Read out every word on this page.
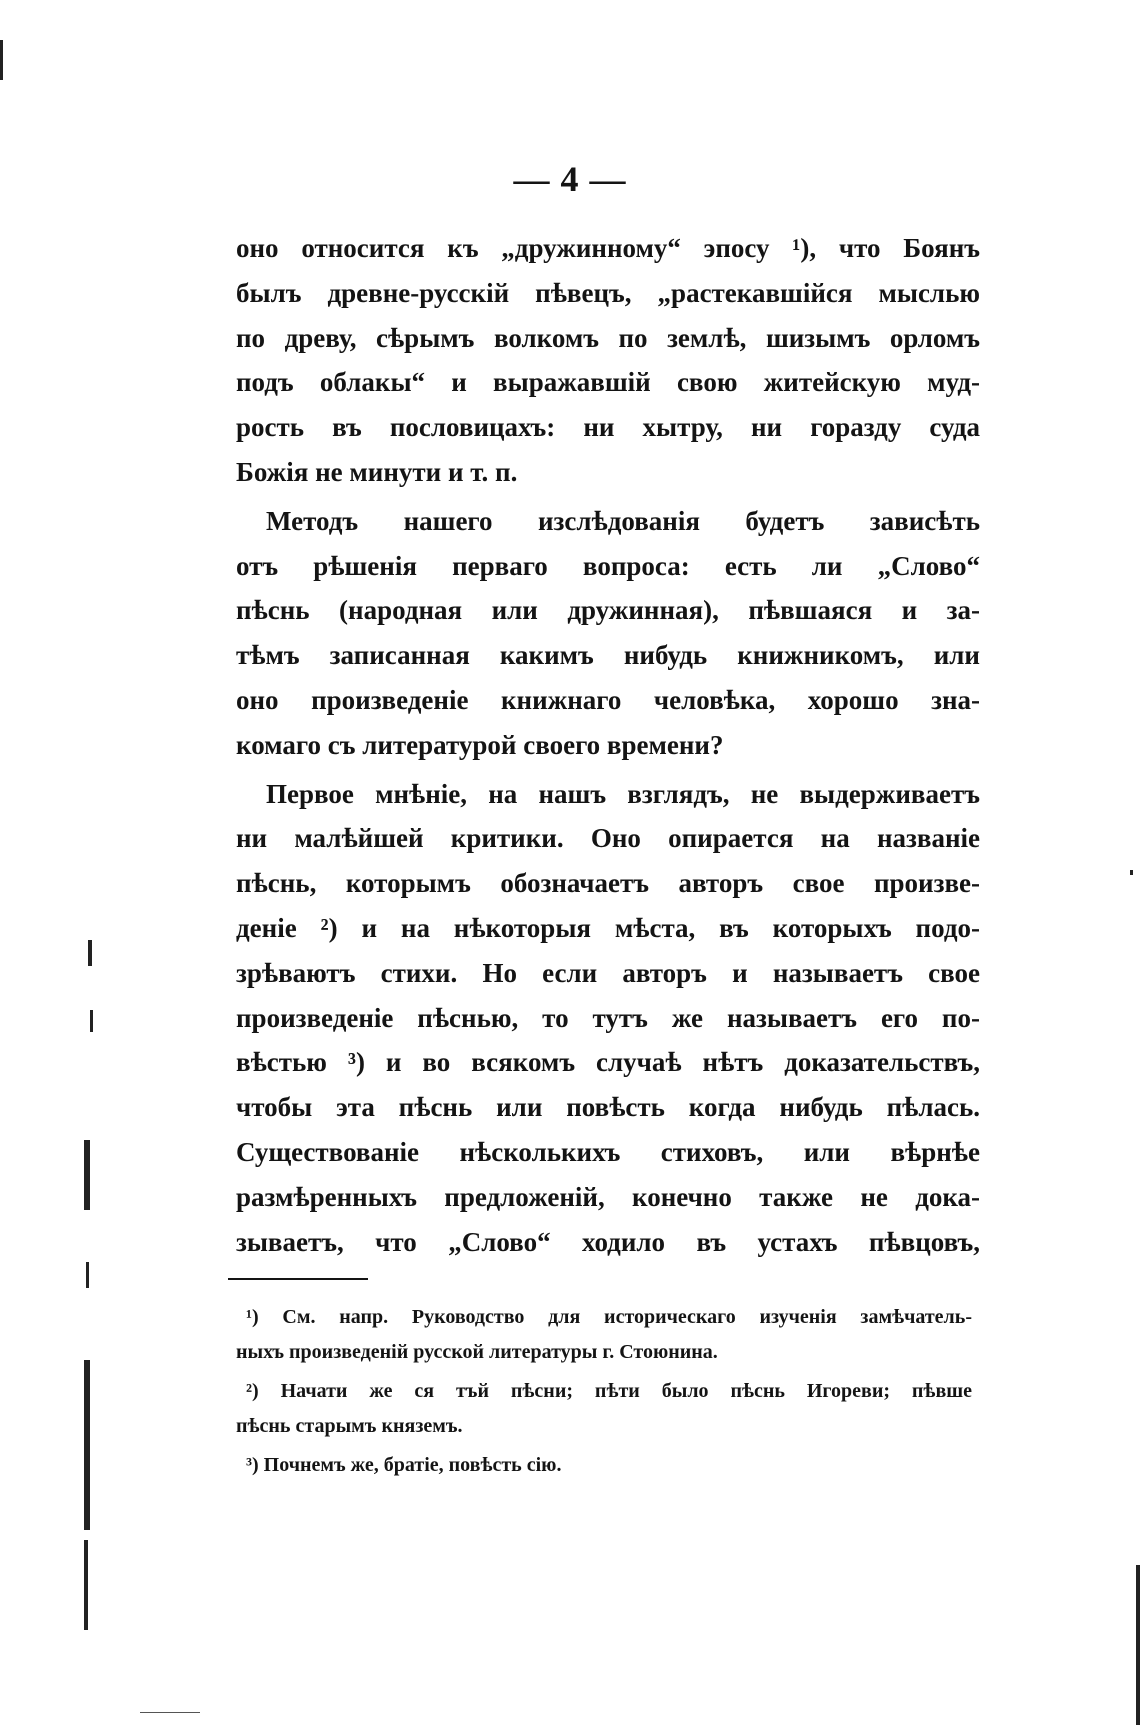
— 4 —

оно относится къ „дружинному“ эпосу ¹), что Боянъ
былъ древне-русскій пѣвецъ, „растекавшійся мыслью
по древу, сѣрымъ волкомъ по землѣ, шизымъ орломъ
подъ облакы“ и выражавшій свою житейскую муд-
рость въ пословицахъ: ни хытру, ни горазду суда
Божія не минути и т. п.

Методъ нашего изслѣдованія будетъ зависѣть
отъ рѣшенія перваго вопроса: есть ли „Слово“
пѣснь (народная или дружинная), пѣвшаяся и за-
тѣмъ записанная какимъ нибудь книжникомъ, или
оно произведеніе книжнаго человѣка, хорошо зна-
комаго съ литературой своего времени?

Первое мнѣніе, на нашъ взглядъ, не выдерживаетъ
ни малѣйшей критики. Оно опирается на названіе
пѣснь, которымъ обозначаетъ авторъ свое произве-
деніе ²) и на нѣкоторыя мѣста, въ которыхъ подо-
зрѣваютъ стихи. Но если авторъ и называетъ свое
произведеніе пѣснью, то тутъ же называетъ его по-
вѣстью ³) и во всякомъ случаѣ нѣтъ доказательствъ,
чтобы эта пѣснь или повѣсть когда нибудь пѣлась.
Существованіе нѣсколькихъ стиховъ, или вѣрнѣе
размѣренныхъ предложеній, конечно также не дока-
зываетъ, что „Слово“ ходило въ устахъ пѣвцовъ,

¹) См. напр. Руководство для историческаго изученія замѣчатель-
ныхъ произведеній русской литературы г. Стоюнина.

²) Начати же ся тъй пѣсни; пѣти было пѣснь Игореви; пѣвше
пѣснь старымъ княземъ.

³) Почнемъ же, братіе, повѣсть сію.
